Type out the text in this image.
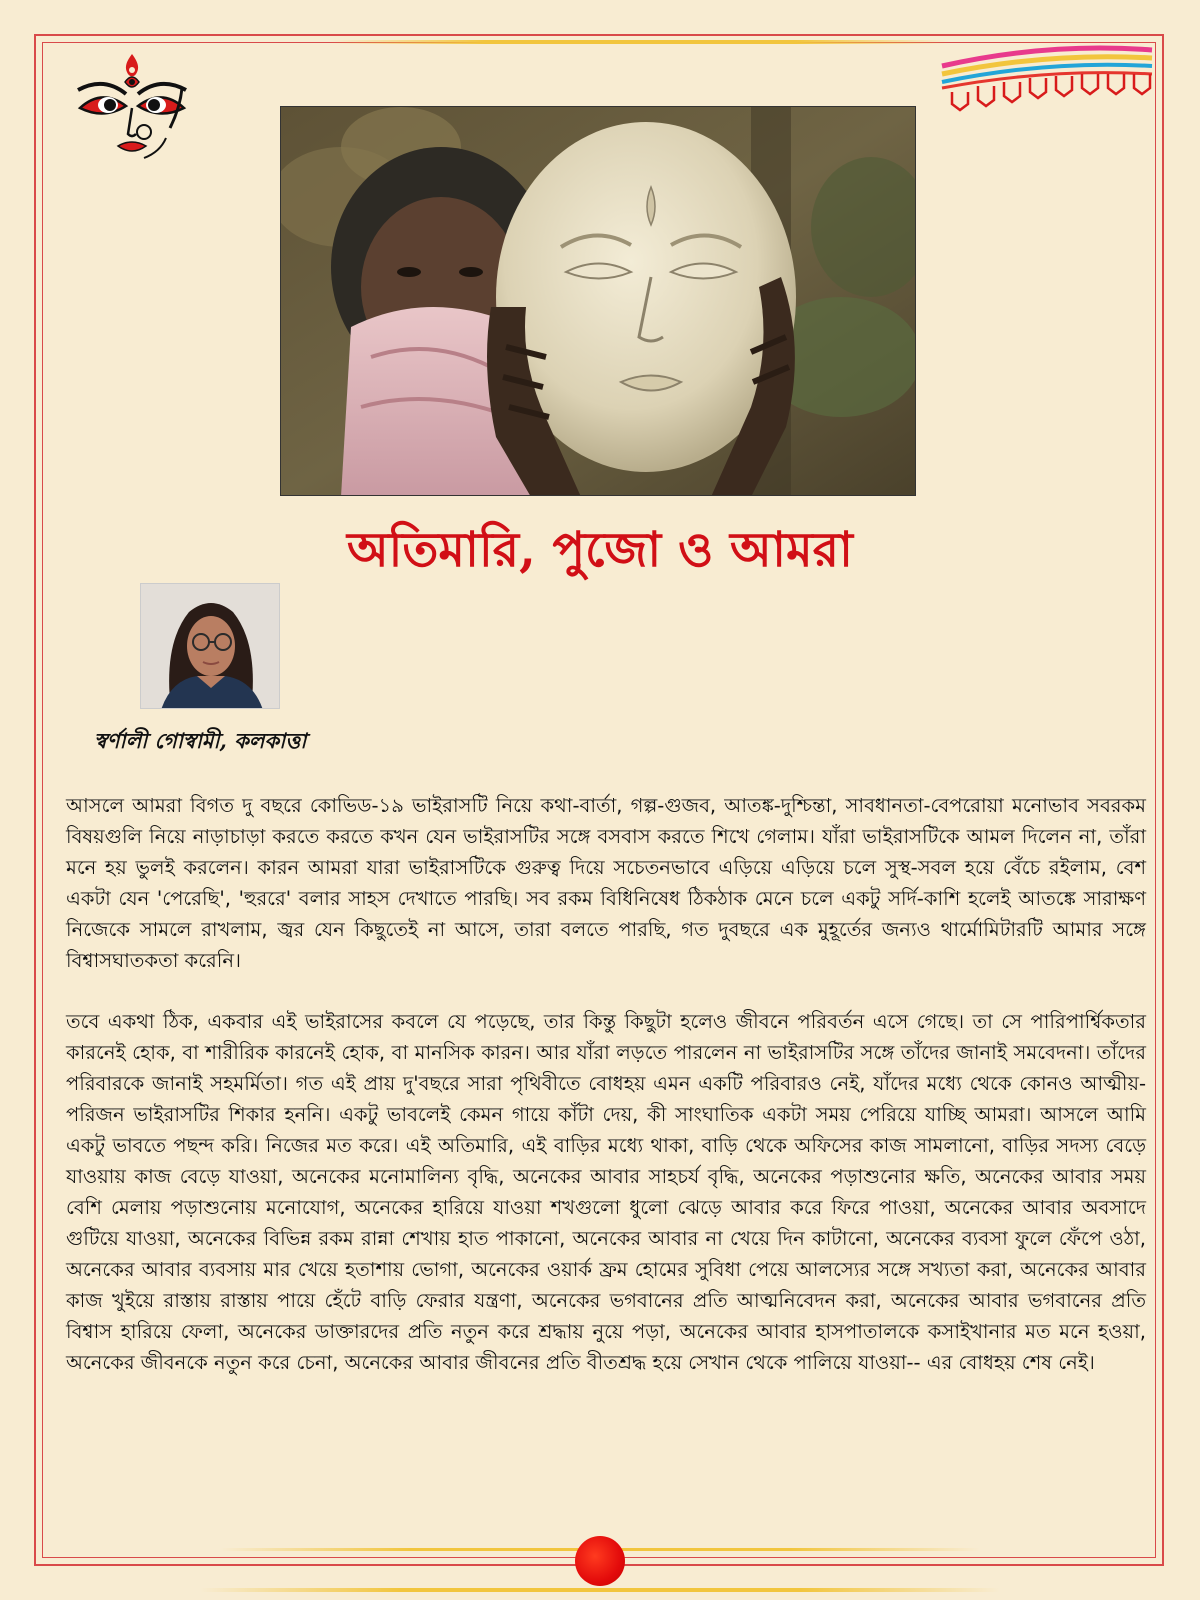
অতিমারি, পুজো ও আমরা
স্বর্ণালী গোস্বামী, কলকাত্তা

আসলে আমরা বিগত দু বছরে কোভিড-১৯ ভাইরাসটি নিয়ে কথা-বার্তা, গল্প-গুজব, আতঙ্ক-দুশ্চিন্তা, সাবধানতা-বেপরোয়া মনোভাব সবরকম বিষয়গুলি নিয়ে নাড়াচাড়া করতে করতে কখন যেন ভাইরাসটির সঙ্গে বসবাস করতে শিখে গেলাম। যাঁরা ভাইরাসটিকে আমল দিলেন না, তাঁরা মনে হয় ভুলই করলেন। কারন আমরা যারা ভাইরাসটিকে গুরুত্ব দিয়ে সচেতনভাবে এড়িয়ে এড়িয়ে চলে সুস্থ-সবল হয়ে বেঁচে রইলাম, বেশ একটা যেন 'পেরেছি', 'হুররে' বলার সাহস দেখাতে পারছি। সব রকম বিধিনিষেধ ঠিকঠাক মেনে চলে একটু সর্দি-কাশি হলেই আতঙ্কে সারাক্ষণ নিজেকে সামলে রাখলাম, জ্বর যেন কিছুতেই না আসে, তারা বলতে পারছি, গত দুবছরে এক মুহূর্তের জন্যও থার্মোমিটারটি আমার সঙ্গে বিশ্বাসঘাতকতা করেনি।

তবে একথা ঠিক, একবার এই ভাইরাসের কবলে যে পড়েছে, তার কিন্তু কিছুটা হলেও জীবনে পরিবর্তন এসে গেছে। তা সে পারিপার্শ্বিকতার কারনেই হোক, বা শারীরিক কারনেই হোক, বা মানসিক কারন। আর যাঁরা লড়তে পারলেন না ভাইরাসটির সঙ্গে তাঁদের জানাই সমবেদনা। তাঁদের পরিবারকে জানাই সহমর্মিতা। গত এই প্রায় দু'বছরে সারা পৃথিবীতে বোধহয় এমন একটি পরিবারও নেই, যাঁদের মধ্যে থেকে কোনও আত্মীয়-পরিজন ভাইরাসটির শিকার হননি। একটু ভাবলেই কেমন গায়ে কাঁটা দেয়, কী সাংঘাতিক একটা সময় পেরিয়ে যাচ্ছি আমরা। আসলে আমি একটু ভাবতে পছন্দ করি। নিজের মত করে। এই অতিমারি, এই বাড়ির মধ্যে থাকা, বাড়ি থেকে অফিসের কাজ সামলানো, বাড়ির সদস্য বেড়ে যাওয়ায় কাজ বেড়ে যাওয়া, অনেকের মনোমালিন্য বৃদ্ধি, অনেকের আবার সাহচর্য বৃদ্ধি, অনেকের পড়াশুনোর ক্ষতি, অনেকের আবার সময় বেশি মেলায় পড়াশুনোয় মনোযোগ, অনেকের হারিয়ে যাওয়া শখগুলো ধুলো ঝেড়ে আবার করে ফিরে পাওয়া, অনেকের আবার অবসাদে গুটিয়ে যাওয়া, অনেকের বিভিন্ন রকম রান্না শেখায় হাত পাকানো, অনেকের আবার না খেয়ে দিন কাটানো, অনেকের ব্যবসা ফুলে ফেঁপে ওঠা, অনেকের আবার ব্যবসায় মার খেয়ে হতাশায় ভোগা, অনেকের ওয়ার্ক ফ্রম হোমের সুবিধা পেয়ে আলস্যের সঙ্গে সখ্যতা করা, অনেকের আবার কাজ খুইয়ে রাস্তায় রাস্তায় পায়ে হেঁটে বাড়ি ফেরার যন্ত্রণা, অনেকের ভগবানের প্রতি আত্মনিবেদন করা, অনেকের আবার ভগবানের প্রতি বিশ্বাস হারিয়ে ফেলা, অনেকের ডাক্তারদের প্রতি নতুন করে শ্রদ্ধায় নুয়ে পড়া, অনেকের আবার হাসপাতালকে কসাইখানার মত মনে হওয়া, অনেকের জীবনকে নতুন করে চেনা, অনেকের আবার জীবনের প্রতি বীতশ্রদ্ধ হয়ে সেখান থেকে পালিয়ে যাওয়া-- এর বোধহয় শেষ নেই।
